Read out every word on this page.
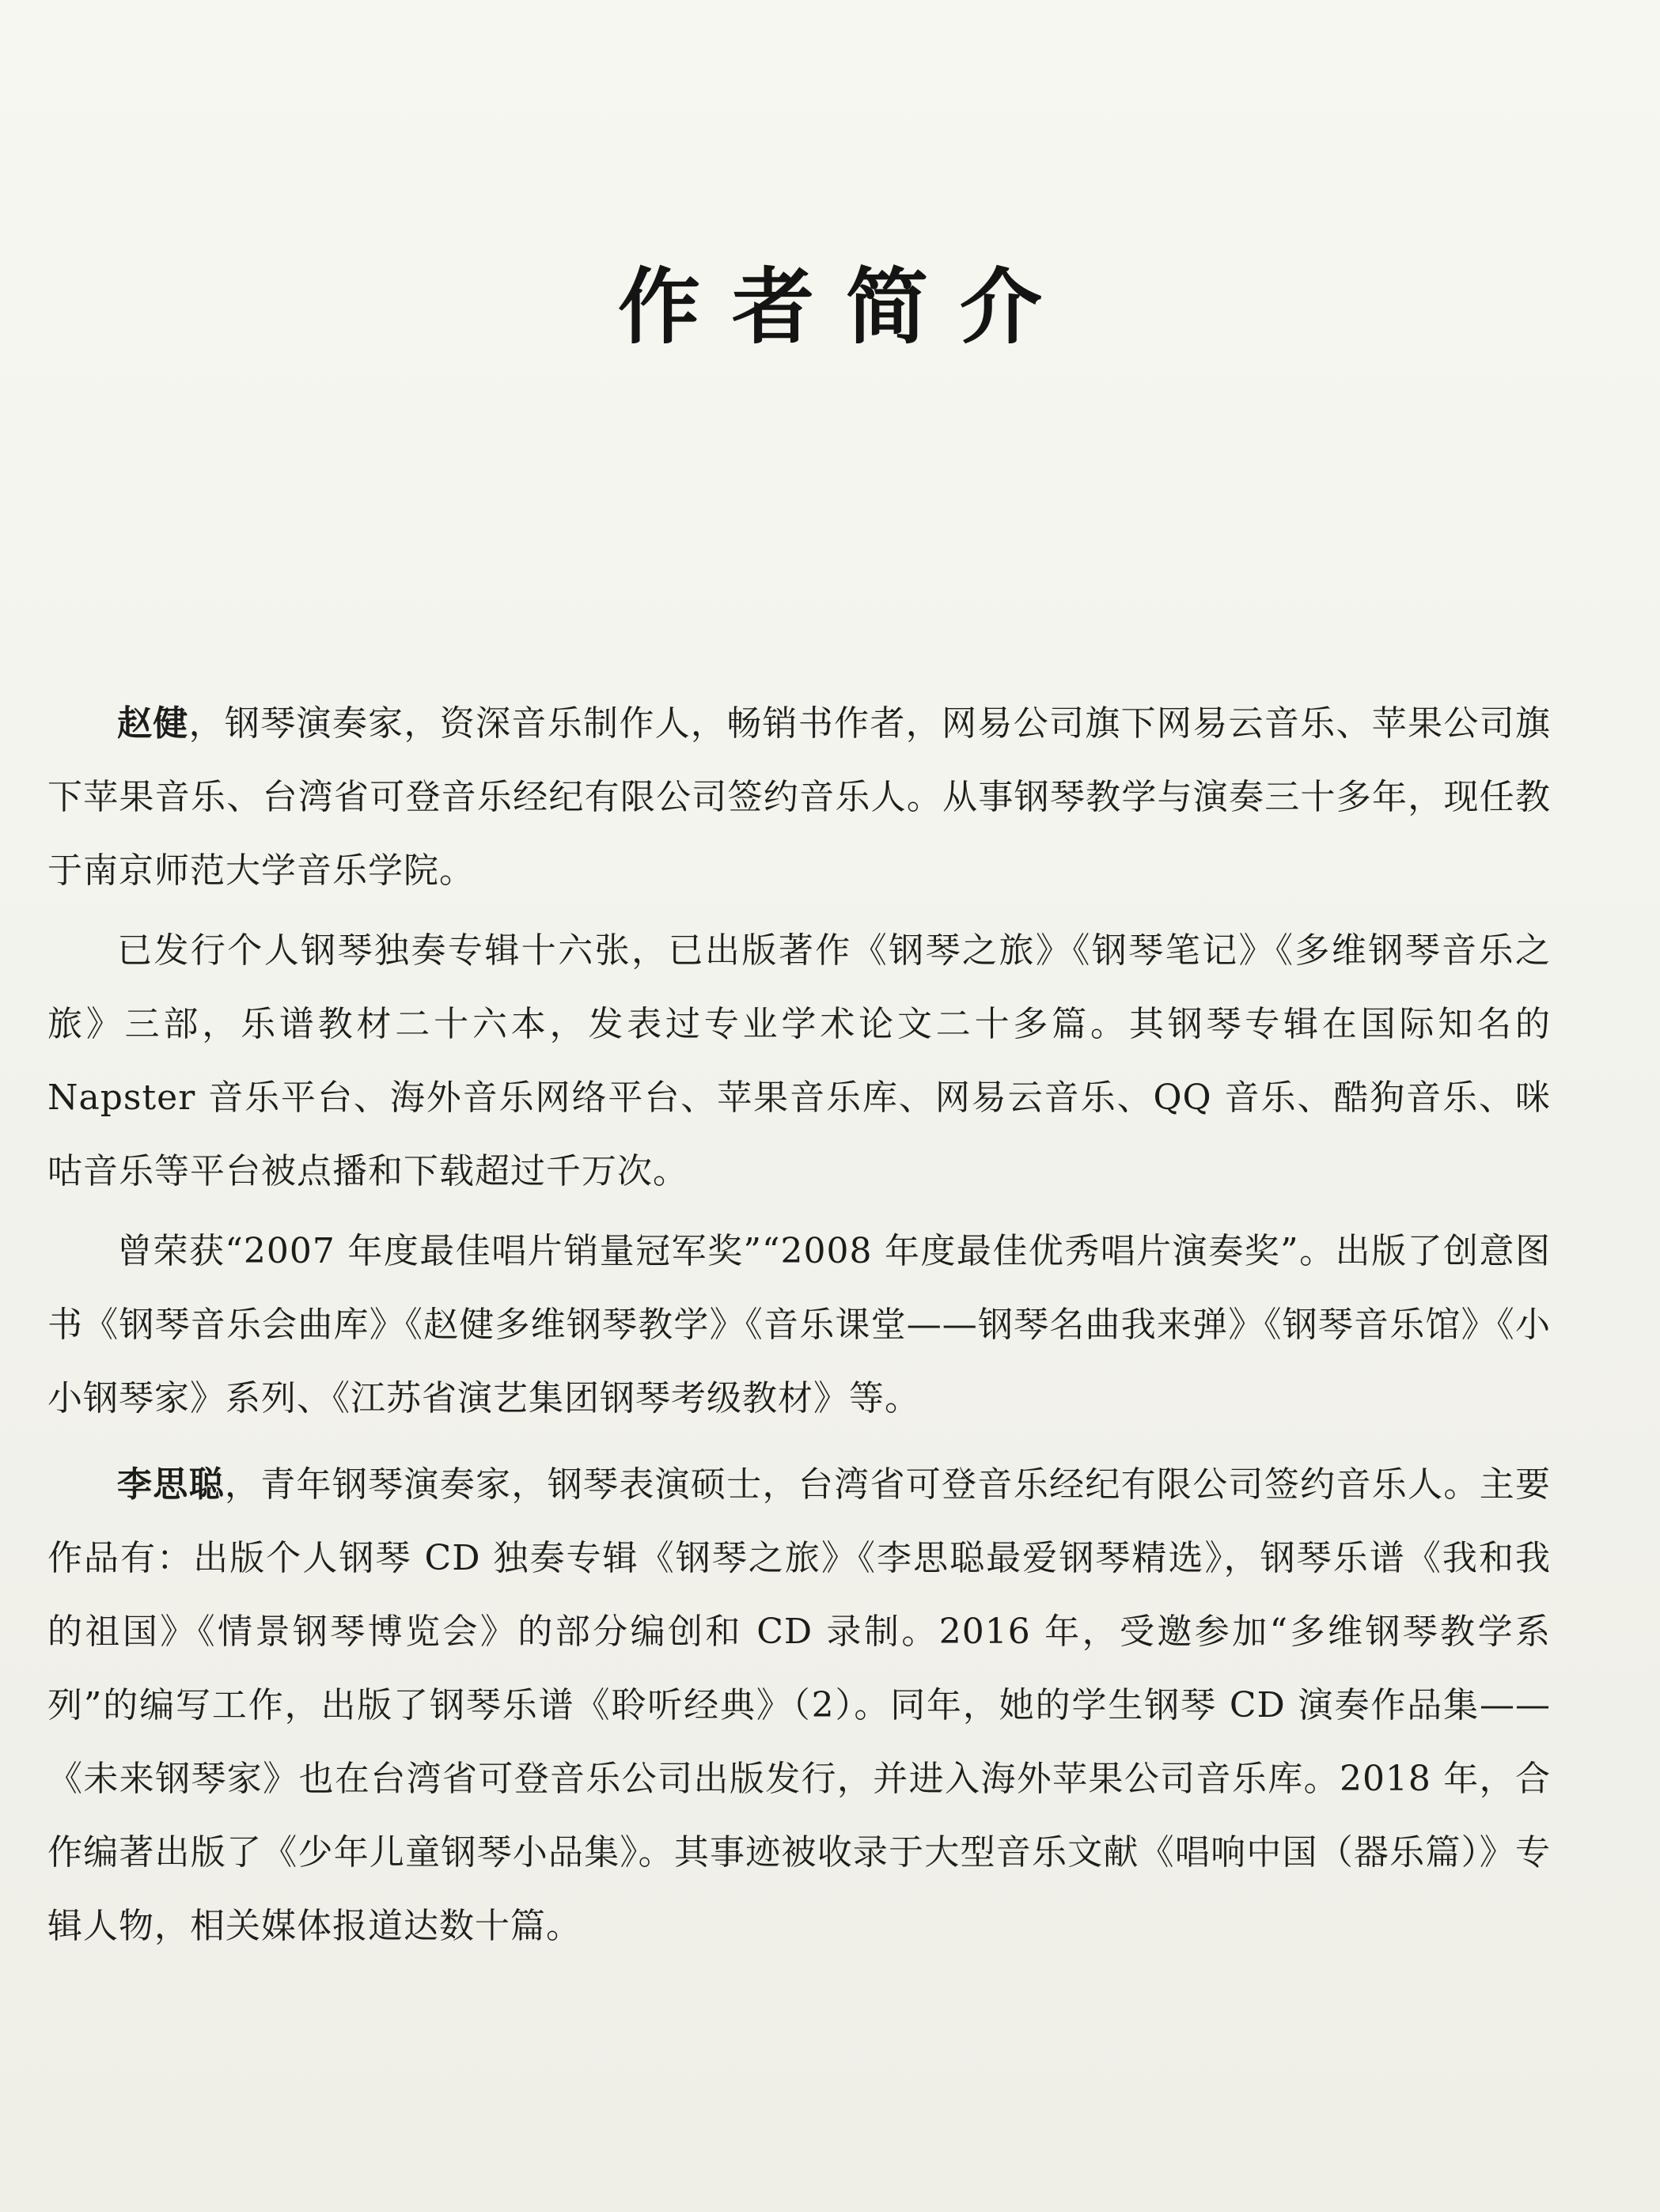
作者简介

赵健，钢琴演奏家，资深音乐制作人，畅销书作者，网易公司旗下网易云音乐、苹果公司旗下苹果音乐、台湾省可登音乐经纪有限公司签约音乐人。从事钢琴教学与演奏三十多年，现任教于南京师范大学音乐学院。

已发行个人钢琴独奏专辑十六张，已出版著作《钢琴之旅》《钢琴笔记》《多维钢琴音乐之旅》三部，乐谱教材二十六本，发表过专业学术论文二十多篇。其钢琴专辑在国际知名的 Napster 音乐平台、海外音乐网络平台、苹果音乐库、网易云音乐、QQ 音乐、酷狗音乐、咪咕音乐等平台被点播和下载超过千万次。

曾荣获“2007 年度最佳唱片销量冠军奖”“2008 年度最佳优秀唱片演奏奖”。出版了创意图书《钢琴音乐会曲库》《赵健多维钢琴教学》《音乐课堂——钢琴名曲我来弹》《钢琴音乐馆》《小小钢琴家》系列、《江苏省演艺集团钢琴考级教材》等。

李思聪，青年钢琴演奏家，钢琴表演硕士，台湾省可登音乐经纪有限公司签约音乐人。主要作品有：出版个人钢琴 CD 独奏专辑《钢琴之旅》《李思聪最爱钢琴精选》，钢琴乐谱《我和我的祖国》《情景钢琴博览会》的部分编创和 CD 录制。2016 年，受邀参加“多维钢琴教学系列”的编写工作，出版了钢琴乐谱《聆听经典》（2）。同年，她的学生钢琴 CD 演奏作品集——《未来钢琴家》也在台湾省可登音乐公司出版发行，并进入海外苹果公司音乐库。2018 年，合作编著出版了《少年儿童钢琴小品集》。其事迹被收录于大型音乐文献《唱响中国（器乐篇）》专辑人物，相关媒体报道达数十篇。
